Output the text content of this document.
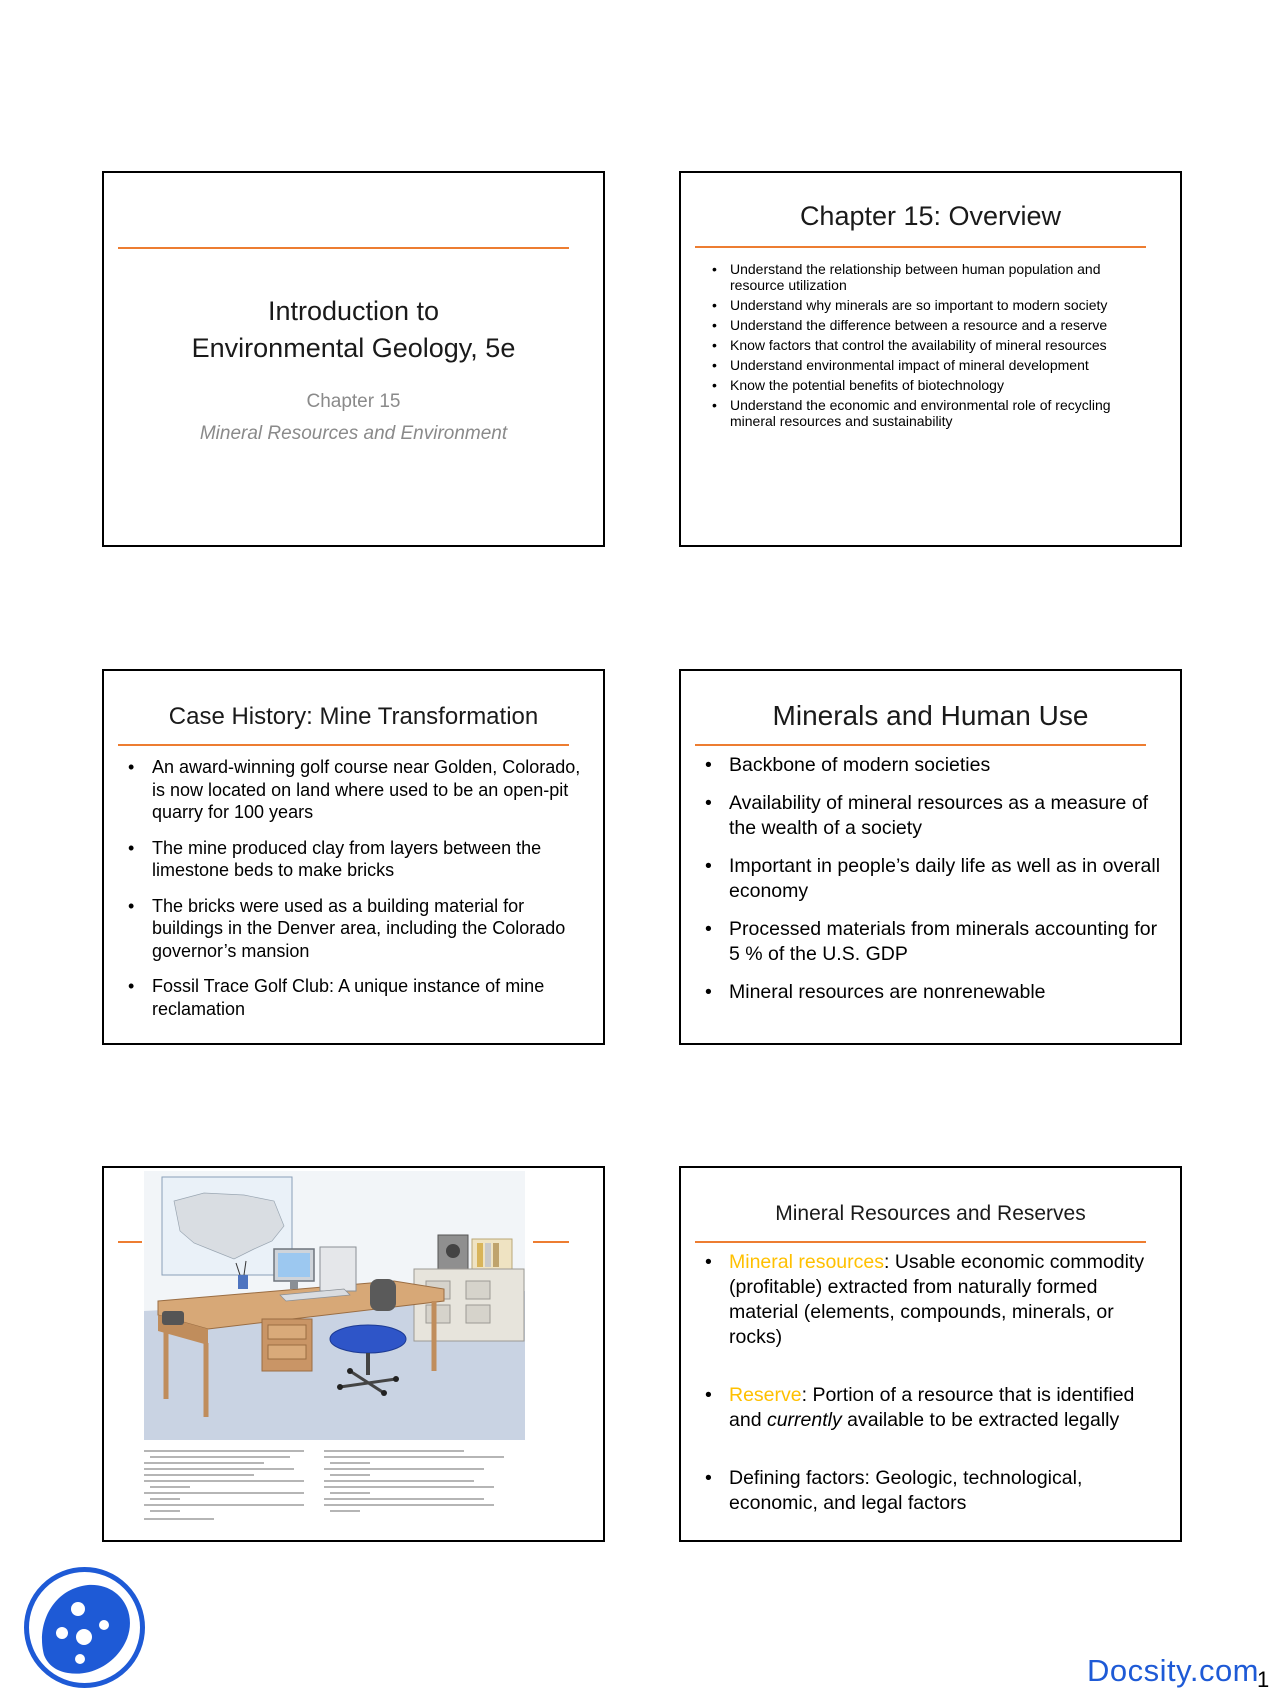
Introduction to
Environmental Geology, 5e
Chapter 15
Mineral Resources and Environment
Chapter 15: Overview
• Understand the relationship between human population and resource utilization
• Understand why minerals are so important to modern society
• Understand the difference between a resource and a reserve
• Know factors that control the availability of mineral resources
• Understand environmental impact of mineral development
• Know the potential benefits of biotechnology
• Understand the economic and environmental role of recycling mineral resources and sustainability
Case History: Mine Transformation
• An award-winning golf course near Golden, Colorado, is now located on land where used to be an open-pit quarry for 100 years
• The mine produced clay from layers between the limestone beds to make bricks
• The bricks were used as a building material for buildings in the Denver area, including the Colorado governor’s mansion
• Fossil Trace Golf Club: A unique instance of mine reclamation
Minerals and Human Use
• Backbone of modern societies
• Availability of mineral resources as a measure of the wealth of a society
• Important in people’s daily life as well as in overall economy
• Processed materials from minerals accounting for 5 % of the U.S. GDP
• Mineral resources are nonrenewable
Mineral Resources and Reserves
• Mineral resources: Usable economic commodity (profitable) extracted from naturally formed material (elements, compounds, minerals, or rocks)
• Reserve: Portion of a resource that is identified and currently available to be extracted legally
• Defining factors: Geologic, technological, economic, and legal factors
Docsity.com
1
